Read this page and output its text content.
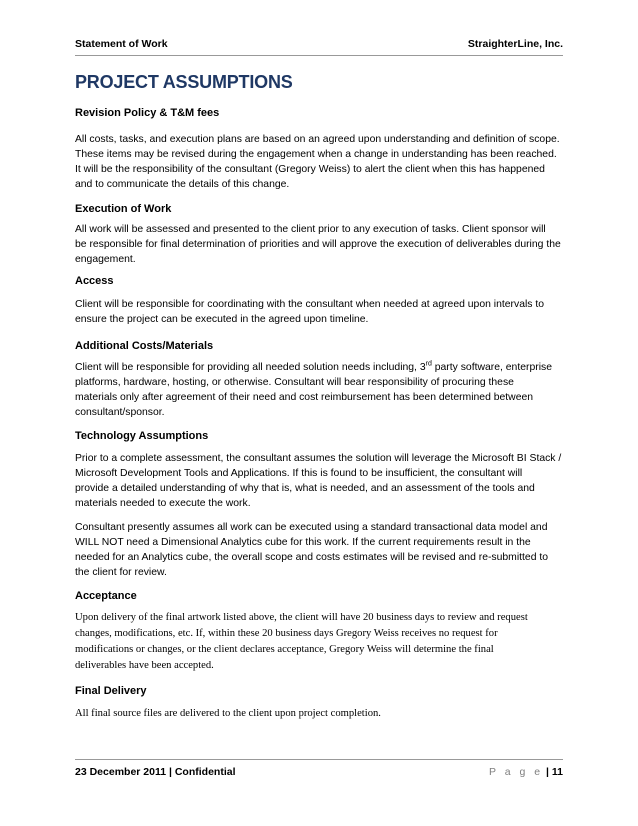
Statement of Work	StraighterLine, Inc.
PROJECT ASSUMPTIONS
Revision Policy & T&M fees
All costs, tasks, and execution plans are based on an agreed upon understanding and definition of scope.
These items may be revised during the engagement when a change in understanding has been reached.
It will be the responsibility of the consultant (Gregory Weiss) to alert the client when this has happened
and to communicate the details of this change.
Execution of Work
All work will be assessed and presented to the client prior to any execution of tasks. Client sponsor will
be responsible for final determination of priorities and will approve the execution of deliverables during the
engagement.
Access
Client will be responsible for coordinating with the consultant when needed at agreed upon intervals to
ensure the project can be executed in the agreed upon timeline.
Additional Costs/Materials
Client will be responsible for providing all needed solution needs including, 3rd party software, enterprise
platforms, hardware, hosting, or otherwise. Consultant will bear responsibility of procuring these
materials only after agreement of their need and cost reimbursement has been determined between
consultant/sponsor.
Technology Assumptions
Prior to a complete assessment, the consultant assumes the solution will leverage the Microsoft BI Stack /
Microsoft Development Tools and Applications. If this is found to be insufficient, the consultant will
provide a detailed understanding of why that is, what is needed, and an assessment of the tools and
materials needed to execute the work.
Consultant presently assumes all work can be executed using a standard transactional data model and
WILL NOT need a Dimensional Analytics cube for this work. If the current requirements result in the
needed for an Analytics cube, the overall scope and costs estimates will be revised and re-submitted to
the client for review.
Acceptance
Upon delivery of the final artwork listed above, the client will have 20 business days to review and request
changes, modifications, etc. If, within these 20 business days Gregory Weiss receives no request for
modifications or changes, or the client declares acceptance, Gregory Weiss will determine the final
deliverables have been accepted.
Final Delivery
All final source files are delivered to the client upon project completion.
23 December 2011 | Confidential	P a g e | 11
